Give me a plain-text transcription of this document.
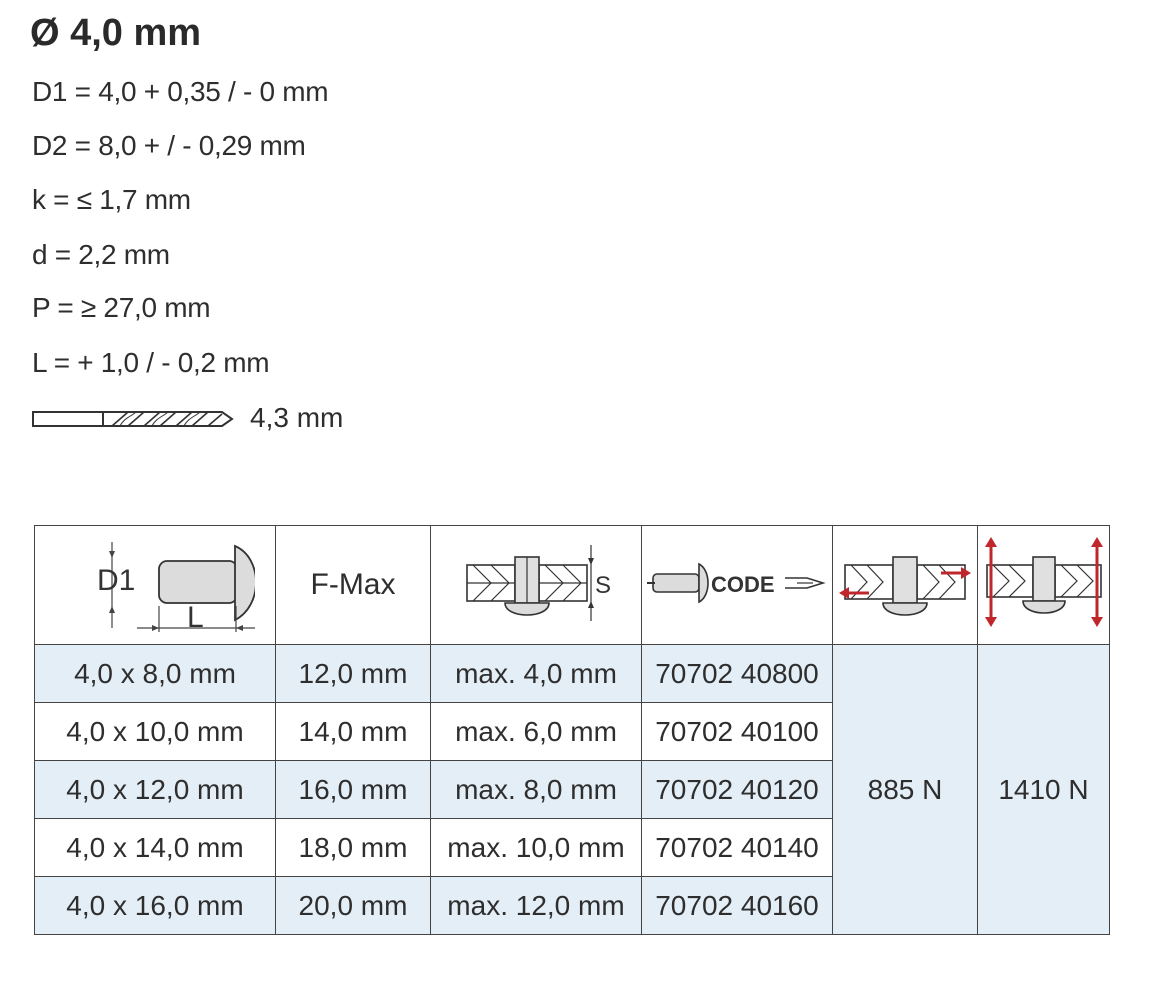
Ø 4,0 mm
D1 = 4,0 + 0,35 / - 0 mm
D2 = 8,0 + / - 0,29 mm
k = ≤ 1,7 mm
d = 2,2 mm
P = ≥ 27,0 mm
L = + 1,0 / - 0,2 mm
4,3 mm
D1
L	F-Max	S	CODE

4,0 x 8,0 mm	12,0 mm	max. 4,0 mm	70702 40800	885 N	1410 N
4,0 x 10,0 mm	14,0 mm	max. 6,0 mm	70702 40100		
4,0 x 12,0 mm	16,0 mm	max. 8,0 mm	70702 40120		
4,0 x 14,0 mm	18,0 mm	max. 10,0 mm	70702 40140		
4,0 x 16,0 mm	20,0 mm	max. 12,0 mm	70702 40160		
